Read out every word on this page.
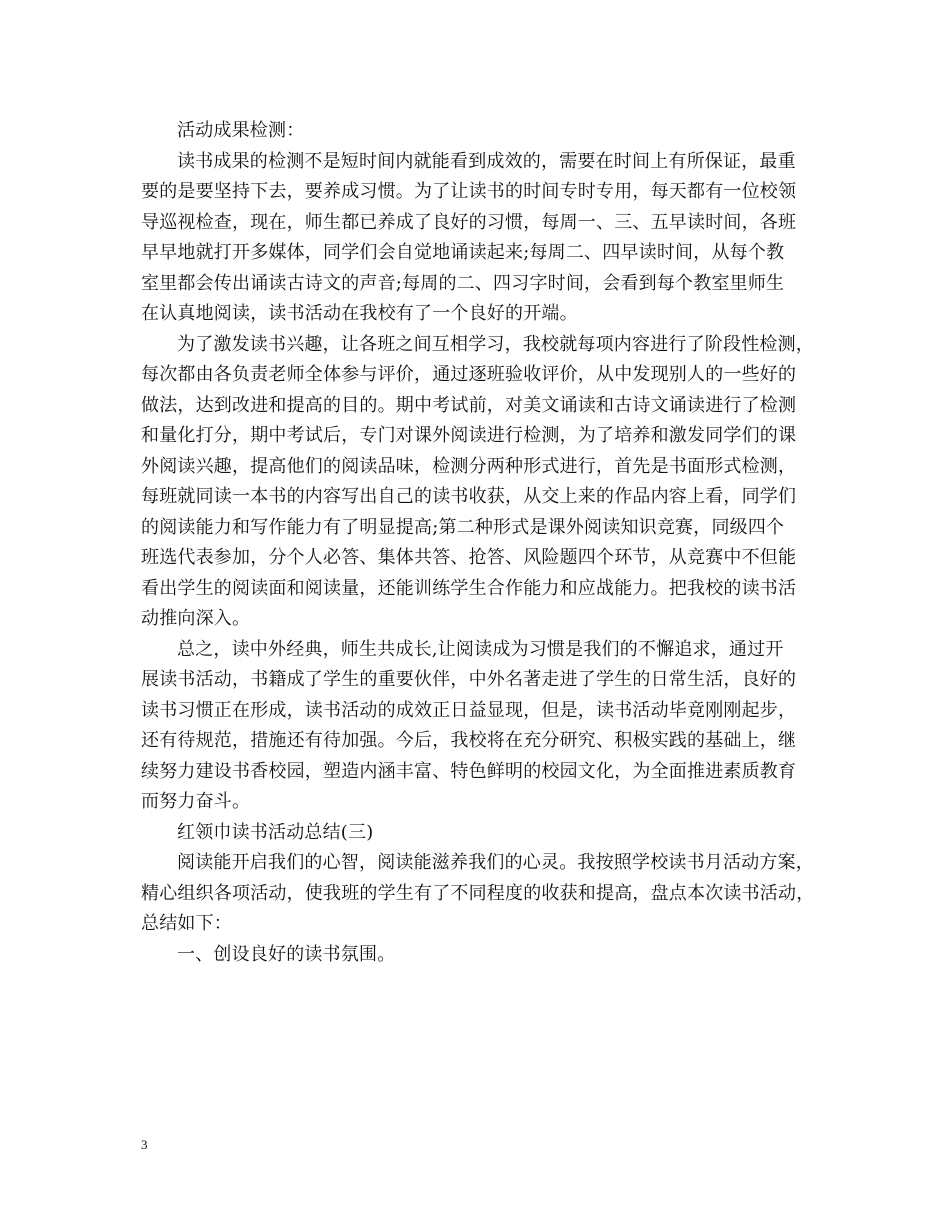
活动成果检测：
读书成果的检测不是短时间内就能看到成效的，需要在时间上有所保证，最重
要的是要坚持下去，要养成习惯。为了让读书的时间专时专用，每天都有一位校领
导巡视检查，现在，师生都已养成了良好的习惯，每周一、三、五早读时间，各班
早早地就打开多媒体，同学们会自觉地诵读起来;每周二、四早读时间，从每个教
室里都会传出诵读古诗文的声音;每周的二、四习字时间，会看到每个教室里师生
在认真地阅读，读书活动在我校有了一个良好的开端。
为了激发读书兴趣，让各班之间互相学习，我校就每项内容进行了阶段性检测，
每次都由各负责老师全体参与评价，通过逐班验收评价，从中发现别人的一些好的
做法，达到改进和提高的目的。期中考试前，对美文诵读和古诗文诵读进行了检测
和量化打分，期中考试后，专门对课外阅读进行检测，为了培养和激发同学们的课
外阅读兴趣，提高他们的阅读品味，检测分两种形式进行，首先是书面形式检测，
每班就同读一本书的内容写出自己的读书收获，从交上来的作品内容上看，同学们
的阅读能力和写作能力有了明显提高;第二种形式是课外阅读知识竞赛，同级四个
班选代表参加，分个人必答、集体共答、抢答、风险题四个环节，从竞赛中不但能
看出学生的阅读面和阅读量，还能训练学生合作能力和应战能力。把我校的读书活
动推向深入。
总之，读中外经典，师生共成长,让阅读成为习惯是我们的不懈追求，通过开
展读书活动，书籍成了学生的重要伙伴，中外名著走进了学生的日常生活，良好的
读书习惯正在形成，读书活动的成效正日益显现，但是，读书活动毕竟刚刚起步，
还有待规范，措施还有待加强。今后，我校将在充分研究、积极实践的基础上，继
续努力建设书香校园，塑造内涵丰富、特色鲜明的校园文化，为全面推进素质教育
而努力奋斗。
红领巾读书活动总结(三)
阅读能开启我们的心智，阅读能滋养我们的心灵。我按照学校读书月活动方案，
精心组织各项活动，使我班的学生有了不同程度的收获和提高，盘点本次读书活动，
总结如下：
一、创设良好的读书氛围。
3
